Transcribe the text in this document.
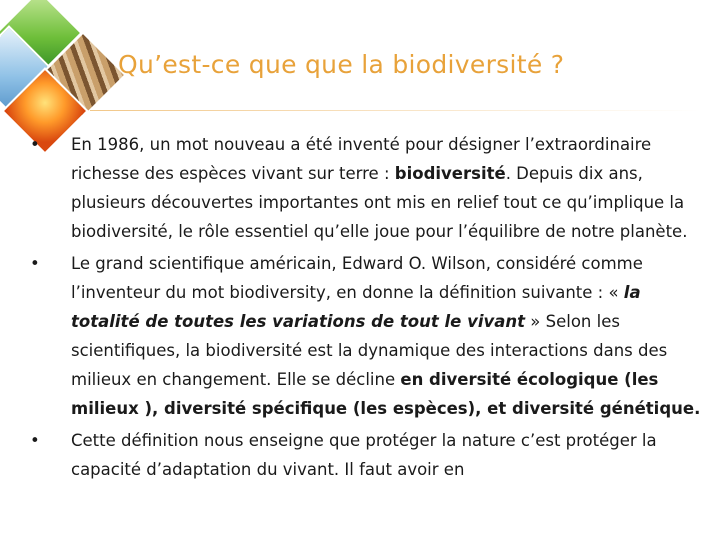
Qu’est-ce que que la biodiversité ?
• En 1986, un mot nouveau a été inventé pour désigner l’extraordinaire richesse des espèces vivant sur terre : biodiversité. Depuis dix ans, plusieurs découvertes importantes ont mis en relief tout ce qu’implique la biodiversité, le rôle essentiel qu’elle joue pour l’équilibre de notre planète.
• Le grand scientifique américain, Edward O. Wilson, considéré comme l’inventeur du mot biodiversity, en donne la définition suivante : « la totalité de toutes les variations de tout le vivant » Selon les scientifiques, la biodiversité est la dynamique des interactions dans des milieux en changement. Elle se décline en diversité écologique (les milieux ), diversité spécifique (les espèces), et diversité génétique.
• Cette définition nous enseigne que protéger la nature c’est protéger la capacité d’adaptation du vivant. Il faut avoir en
